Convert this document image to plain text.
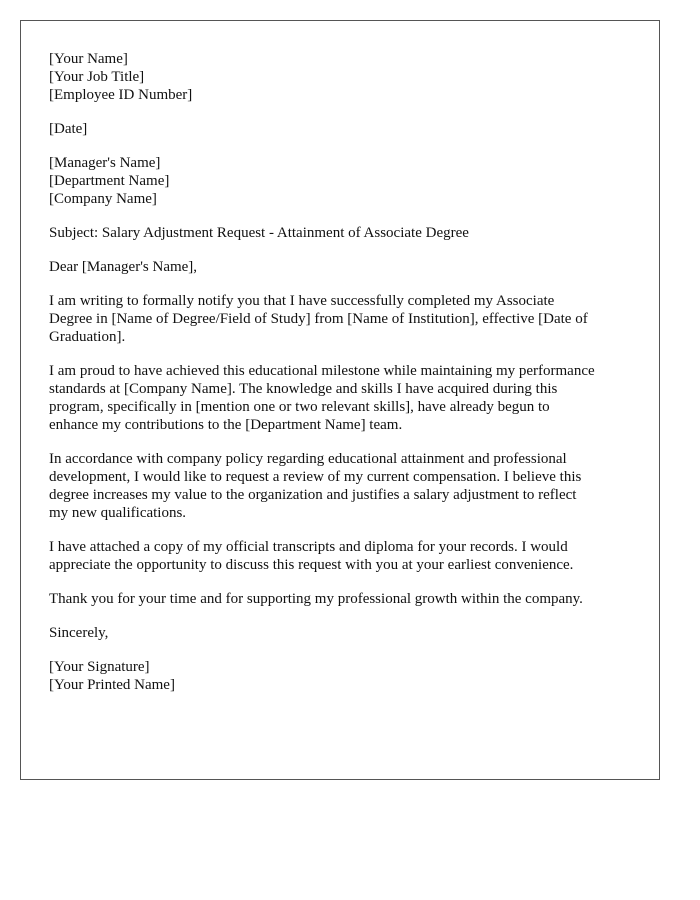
[Your Name]
[Your Job Title]
[Employee ID Number]
[Date]
[Manager's Name]
[Department Name]
[Company Name]
Subject: Salary Adjustment Request - Attainment of Associate Degree
Dear [Manager's Name],
I am writing to formally notify you that I have successfully completed my Associate
Degree in [Name of Degree/Field of Study] from [Name of Institution], effective [Date of
Graduation].
I am proud to have achieved this educational milestone while maintaining my performance
standards at [Company Name]. The knowledge and skills I have acquired during this
program, specifically in [mention one or two relevant skills], have already begun to
enhance my contributions to the [Department Name] team.
In accordance with company policy regarding educational attainment and professional
development, I would like to request a review of my current compensation. I believe this
degree increases my value to the organization and justifies a salary adjustment to reflect
my new qualifications.
I have attached a copy of my official transcripts and diploma for your records. I would
appreciate the opportunity to discuss this request with you at your earliest convenience.
Thank you for your time and for supporting my professional growth within the company.
Sincerely,
[Your Signature]
[Your Printed Name]
